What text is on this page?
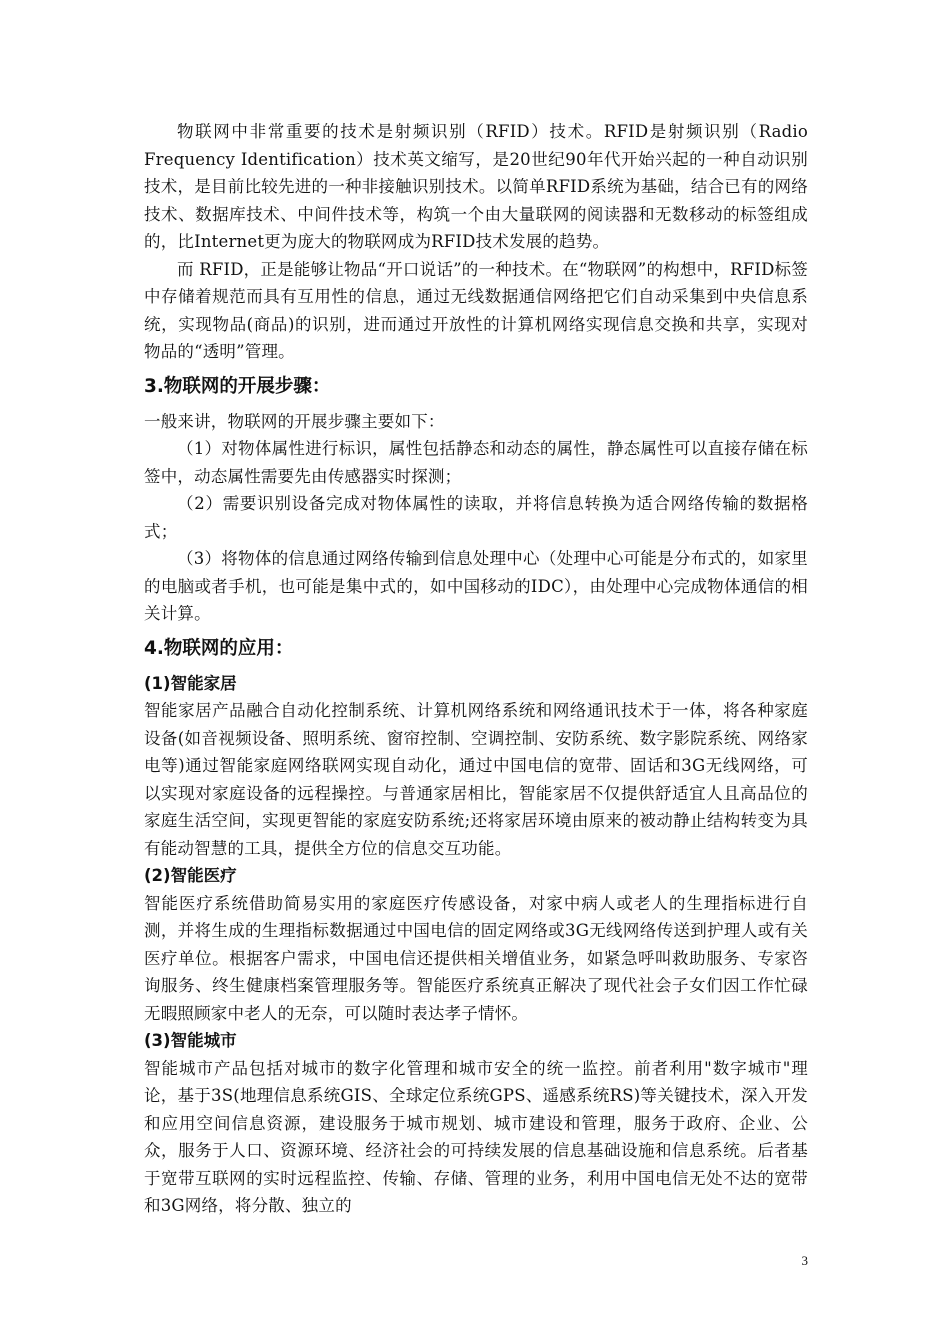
物联网中非常重要的技术是射频识别（RFID）技术。RFID是射频识别（Radio Frequency Identification）技术英文缩写，是20世纪90年代开始兴起的一种自动识别技术，是目前比较先进的一种非接触识别技术。以简单RFID系统为基础，结合已有的网络技术、数据库技术、中间件技术等，构筑一个由大量联网的阅读器和无数移动的标签组成的，比Internet更为庞大的物联网成为RFID技术发展的趋势。

而 RFID，正是能够让物品“开口说话”的一种技术。在“物联网”的构想中，RFID标签中存储着规范而具有互用性的信息，通过无线数据通信网络把它们自动采集到中央信息系统，实现物品(商品)的识别，进而通过开放性的计算机网络实现信息交换和共享，实现对物品的“透明”管理。

3.物联网的开展步骤：

一般来讲，物联网的开展步骤主要如下：

（1）对物体属性进行标识，属性包括静态和动态的属性，静态属性可以直接存储在标签中，动态属性需要先由传感器实时探测；

（2）需要识别设备完成对物体属性的读取，并将信息转换为适合网络传输的数据格式；

（3）将物体的信息通过网络传输到信息处理中心（处理中心可能是分布式的，如家里的电脑或者手机，也可能是集中式的，如中国移动的IDC），由处理中心完成物体通信的相关计算。

4.物联网的应用：
(1)智能家居

智能家居产品融合自动化控制系统、计算机网络系统和网络通讯技术于一体，将各种家庭设备(如音视频设备、照明系统、窗帘控制、空调控制、安防系统、数字影院系统、网络家电等)通过智能家庭网络联网实现自动化，通过中国电信的宽带、固话和3G无线网络，可以实现对家庭设备的远程操控。与普通家居相比，智能家居不仅提供舒适宜人且高品位的家庭生活空间，实现更智能的家庭安防系统;还将家居环境由原来的被动静止结构转变为具有能动智慧的工具，提供全方位的信息交互功能。

(2)智能医疗

智能医疗系统借助简易实用的家庭医疗传感设备，对家中病人或老人的生理指标进行自测，并将生成的生理指标数据通过中国电信的固定网络或3G无线网络传送到护理人或有关医疗单位。根据客户需求，中国电信还提供相关增值业务，如紧急呼叫救助服务、专家咨询服务、终生健康档案管理服务等。智能医疗系统真正解决了现代社会子女们因工作忙碌无暇照顾家中老人的无奈，可以随时表达孝子情怀。

(3)智能城市

智能城市产品包括对城市的数字化管理和城市安全的统一监控。前者利用"数字城市"理论，基于3S(地理信息系统GIS、全球定位系统GPS、遥感系统RS)等关键技术，深入开发和应用空间信息资源，建设服务于城市规划、城市建设和管理，服务于政府、企业、公众，服务于人口、资源环境、经济社会的可持续发展的信息基础设施和信息系统。后者基于宽带互联网的实时远程监控、传输、存储、管理的业务，利用中国电信无处不达的宽带和3G网络，将分散、独立的

3
